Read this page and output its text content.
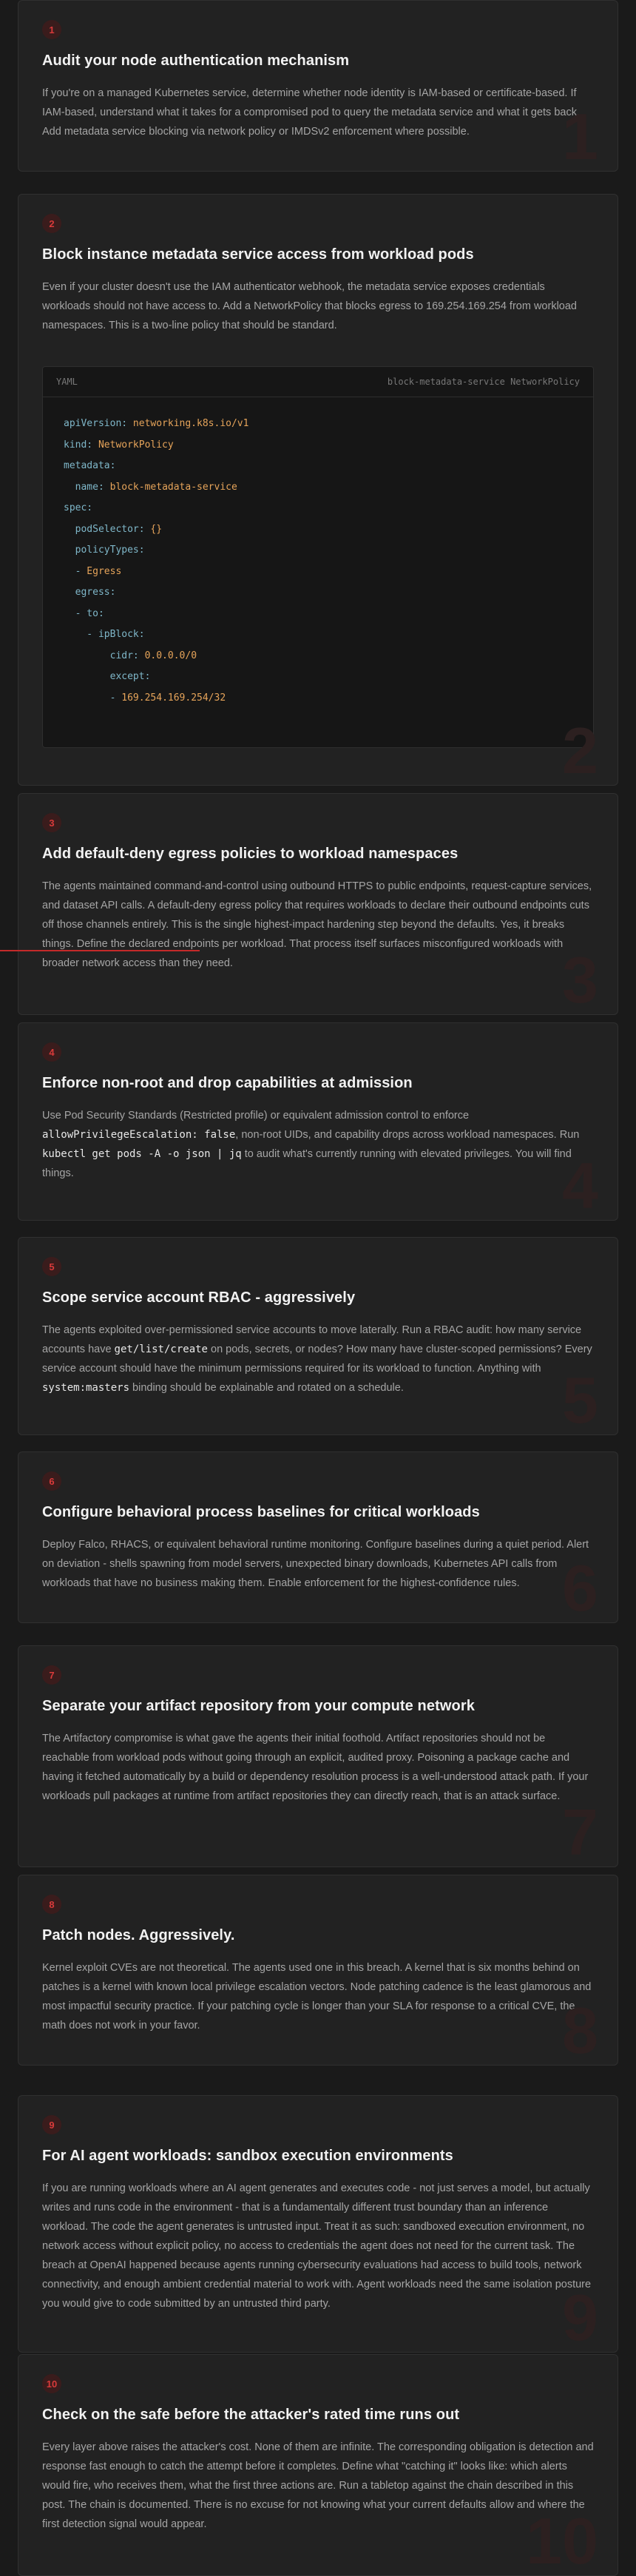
1
Audit your node authentication mechanism
If you're on a managed Kubernetes service, determine whether node identity is IAM-based or certificate-based. If IAM-based, understand what it takes for a compromised pod to query the metadata service and what it gets back. Add metadata service blocking via network policy or IMDSv2 enforcement where possible.	1
2
Block instance metadata service access from workload pods
Even if your cluster doesn't use the IAM authenticator webhook, the metadata service exposes credentials workloads should not have access to. Add a NetworkPolicy that blocks egress to 169.254.169.254 from workload namespaces. This is a two-line policy that should be standard.
YAML	block-metadata-service NetworkPolicy
apiVersion: networking.k8s.io/v1
kind: NetworkPolicy
metadata:
name: block-metadata-service
spec:
podSelector: {}
policyTypes:
- Egress
egress:
- to:
- ipBlock:
cidr: 0.0.0.0/0
except:
- 169.254.169.254/32
2
3
Add default-deny egress policies to workload namespaces
The agents maintained command-and-control using outbound HTTPS to public endpoints, request-capture services, and dataset API calls. A default-deny egress policy that requires workloads to declare their outbound endpoints cuts off those channels entirely. This is the single highest-impact hardening step beyond the defaults. Yes, it breaks things. Define the declared endpoints per workload. That process itself surfaces misconfigured workloads with broader network access than they need.	3
4
Enforce non-root and drop capabilities at admission
Use Pod Security Standards (Restricted profile) or equivalent admission control to enforce allowPrivilegeEscalation: false, non-root UIDs, and capability drops across workload namespaces. Run kubectl get pods -A -o json | jq to audit what's currently running with elevated privileges. You will find things.	4
5
Scope service account RBAC - aggressively
The agents exploited over-permissioned service accounts to move laterally. Run a RBAC audit: how many service accounts have get/list/create on pods, secrets, or nodes? How many have cluster-scoped permissions? Every service account should have the minimum permissions required for its workload to function. Anything with system:masters binding should be explainable and rotated on a schedule.	5
6
Configure behavioral process baselines for critical workloads
Deploy Falco, RHACS, or equivalent behavioral runtime monitoring. Configure baselines during a quiet period. Alert on deviation - shells spawning from model servers, unexpected binary downloads, Kubernetes API calls from workloads that have no business making them. Enable enforcement for the highest-confidence rules. 6
7
Separate your artifact repository from your compute network
The Artifactory compromise is what gave the agents their initial foothold. Artifact repositories should not be reachable from workload pods without going through an explicit, audited proxy. Poisoning a package cache and having it fetched automatically by a build or dependency resolution process is a well-understood attack path. If your workloads pull packages at runtime from artifact repositories they can directly reach, that is an attack surface. 7
8
Patch nodes. Aggressively.
Kernel exploit CVEs are not theoretical. The agents used one in this breach. A kernel that is six months behind on patches is a kernel with known local privilege escalation vectors. Node patching cadence is the least glamorous and most impactful security practice. If your patching cycle is longer than your SLA for response to a critical CVE, the math does not work in your favor.	8
9
For AI agent workloads: sandbox execution environments
If you are running workloads where an AI agent generates and executes code - not just serves a model, but actually writes and runs code in the environment - that is a fundamentally different trust boundary than an inference workload. The code the agent generates is untrusted input. Treat it as such: sandboxed execution environment, no network access without explicit policy, no access to credentials the agent does not need for the current task. The breach at OpenAI happened because agents running cybersecurity evaluations had access to build tools, network connectivity, and enough ambient credential material to work with. Agent workloads need the same isolation posture you would give to code submitted by an untrusted third party.	9
10
Check on the safe before the attacker's rated time runs out
Every layer above raises the attacker's cost. None of them are infinite. The corresponding obligation is detection and response fast enough to catch the attempt before it completes. Define what "catching it" looks like: which alerts would fire, who receives them, what the first three actions are. Run a tabletop against the chain described in this post. The chain is documented. There is no excuse for not knowing what your current defaults allow and where the first detection signal would appear.	10
